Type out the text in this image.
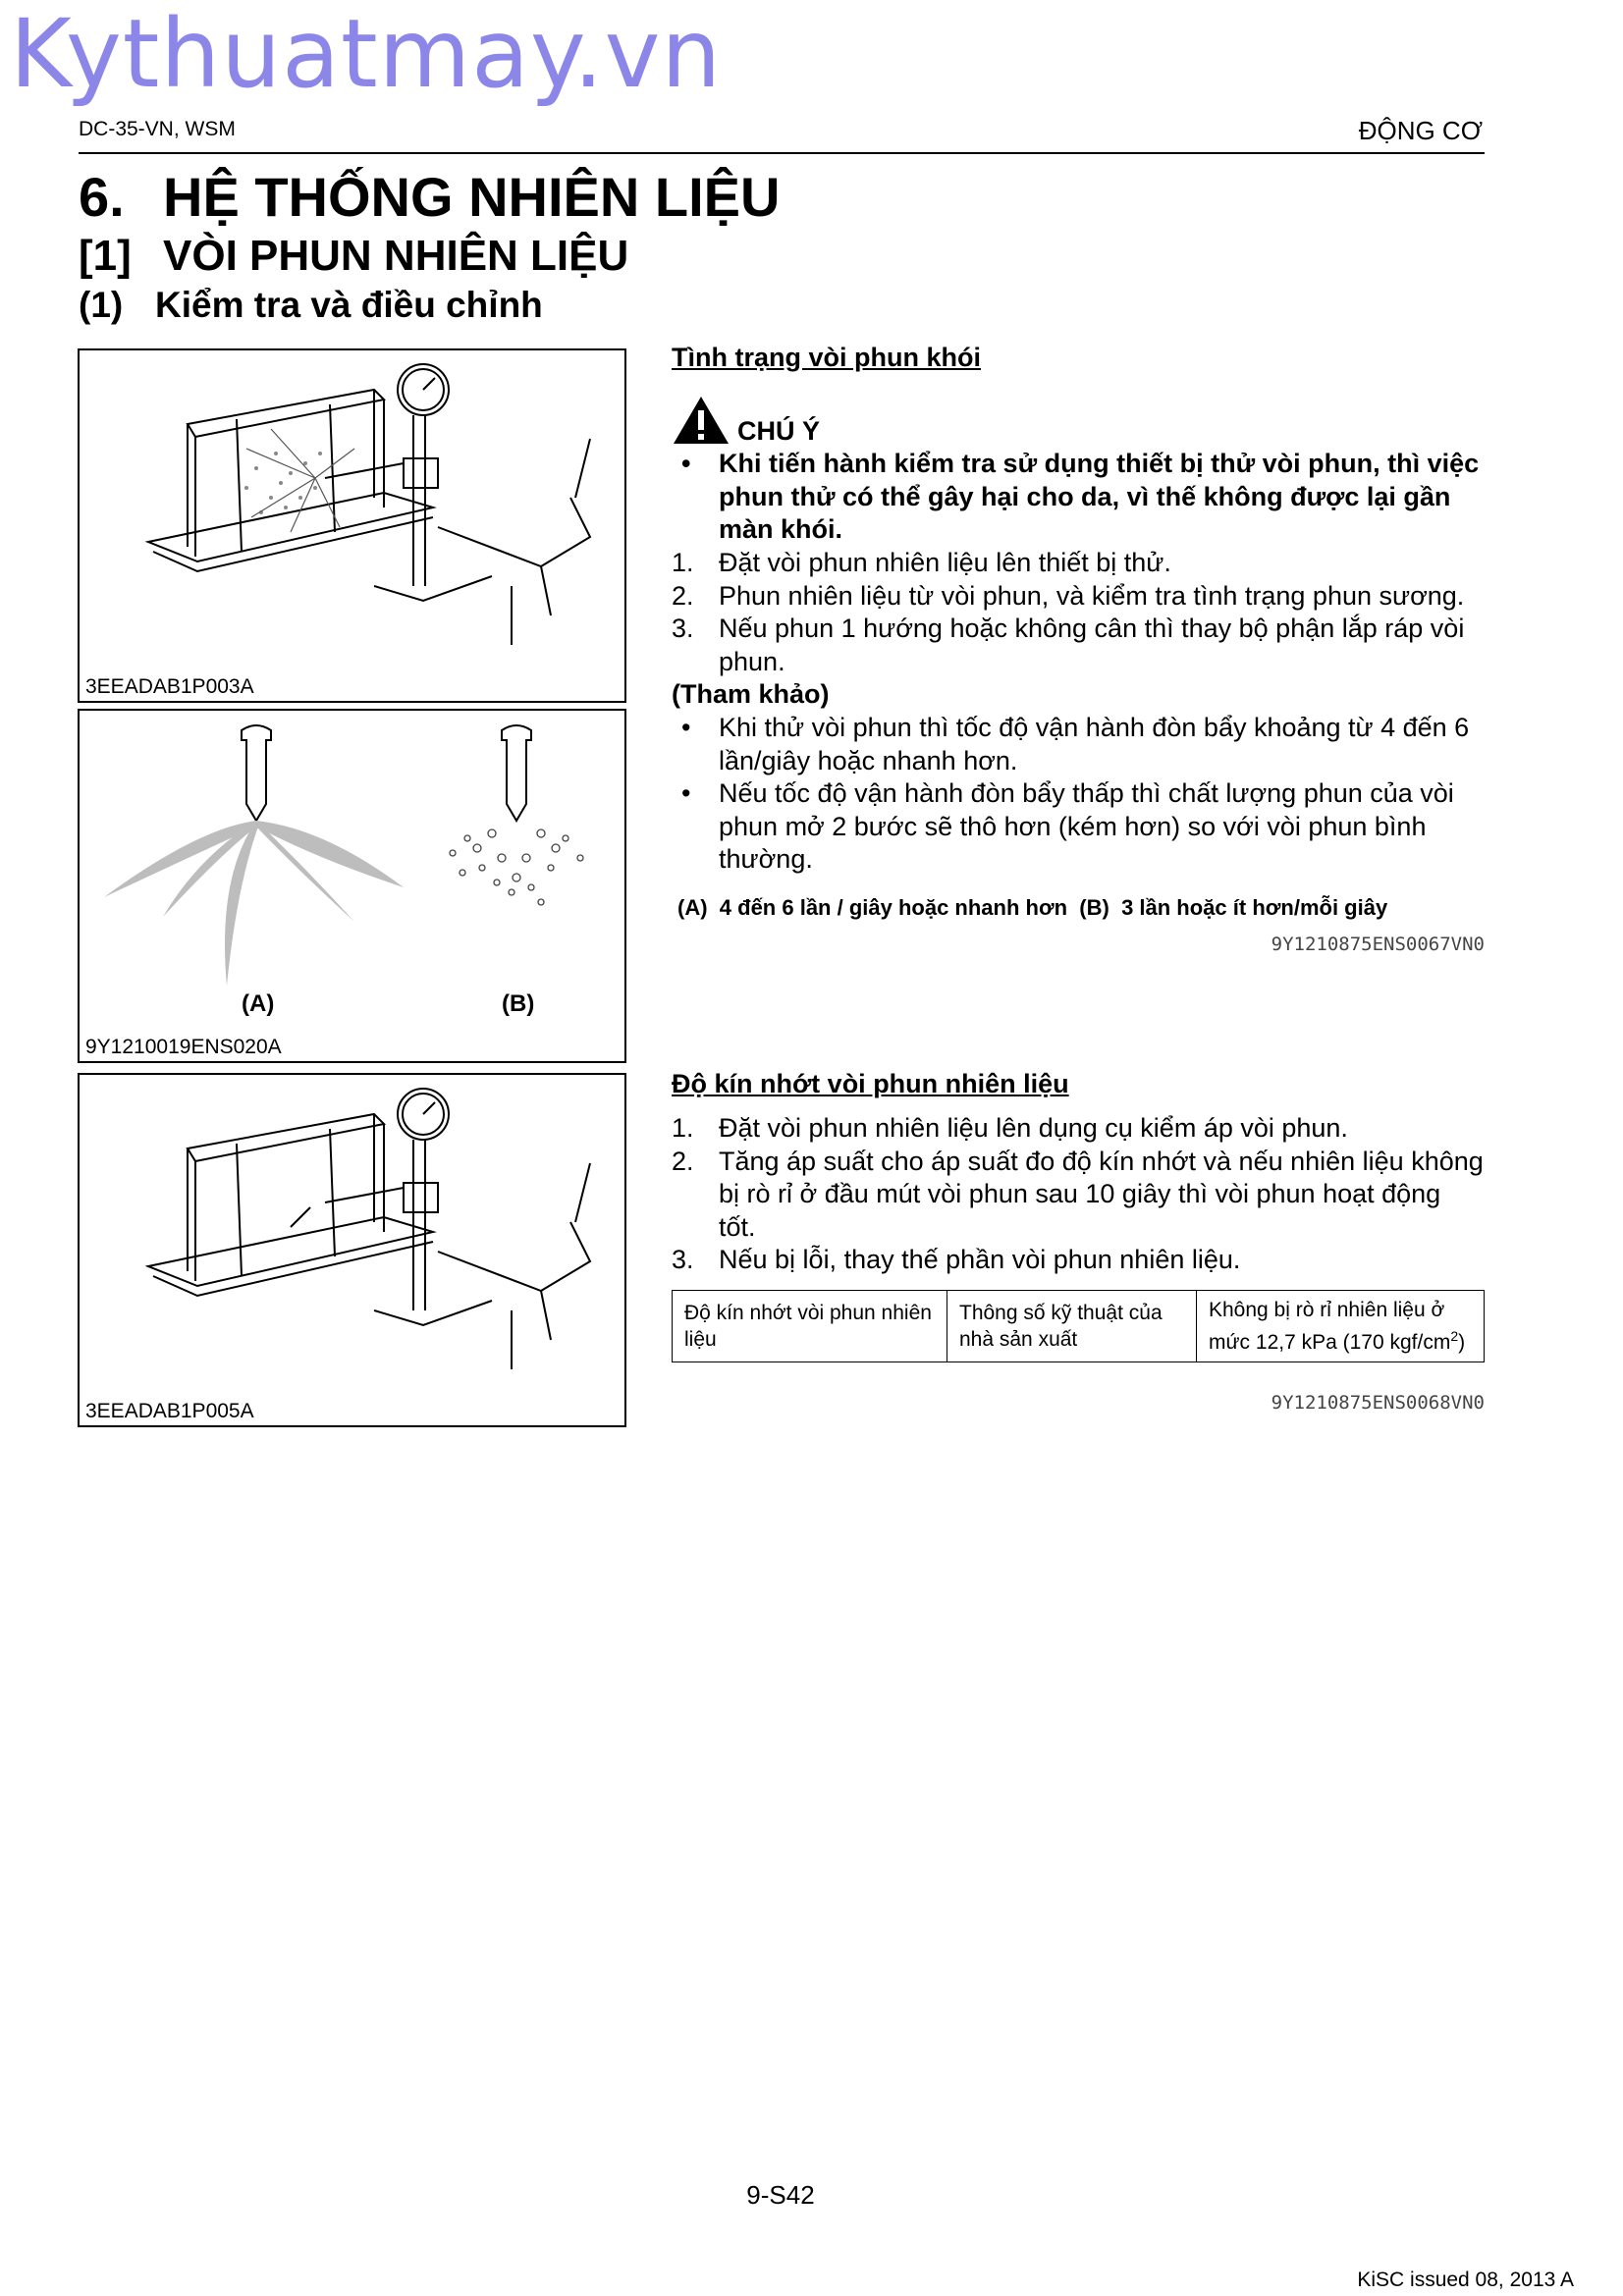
Kythuatmay.vn
DC-35-VN, WSM	ĐỘNG CƠ
6. HỆ THỐNG NHIÊN LIỆU
[1] VÒI PHUN NHIÊN LIỆU
(1) Kiểm tra và điều chỉnh
3EEADAB1P003A
(A)	(B)
9Y1210019ENS020A
3EEADAB1P005A
Tình trạng vòi phun khói
CHÚ Ý
• Khi tiến hành kiểm tra sử dụng thiết bị thử vòi phun, thì việc phun thử có thể gây hại cho da, vì thế không được lại gần màn khói.
1. Đặt vòi phun nhiên liệu lên thiết bị thử.
2. Phun nhiên liệu từ vòi phun, và kiểm tra tình trạng phun sương.
3. Nếu phun 1 hướng hoặc không cân thì thay bộ phận lắp ráp vòi phun.
(Tham khảo)
• Khi thử vòi phun thì tốc độ vận hành đòn bẩy khoảng từ 4 đến 6 lần/giây hoặc nhanh hơn.
• Nếu tốc độ vận hành đòn bẩy thấp thì chất lượng phun của vòi phun mở 2 bước sẽ thô hơn (kém hơn) so với vòi phun bình thường.
(A) 4 đến 6 lần / giây hoặc nhanh hơn (B) 3 lần hoặc ít hơn/mỗi giây
9Y1210875ENS0067VN0
Độ kín nhớt vòi phun nhiên liệu
1. Đặt vòi phun nhiên liệu lên dụng cụ kiểm áp vòi phun.
2. Tăng áp suất cho áp suất đo độ kín nhớt và nếu nhiên liệu không bị rò rỉ ở đầu mút vòi phun sau 10 giây thì vòi phun hoạt động tốt.
3. Nếu bị lỗi, thay thế phần vòi phun nhiên liệu.
Độ kín nhớt vòi phun nhiên liệu	Thông số kỹ thuật của nhà sản xuất	Không bị rò rỉ nhiên liệu ở mức 12,7 kPa (170 kgf/$cm^2$)
9Y1210875ENS0068VN0
9-S42
KiSC issued 08, 2013 A
